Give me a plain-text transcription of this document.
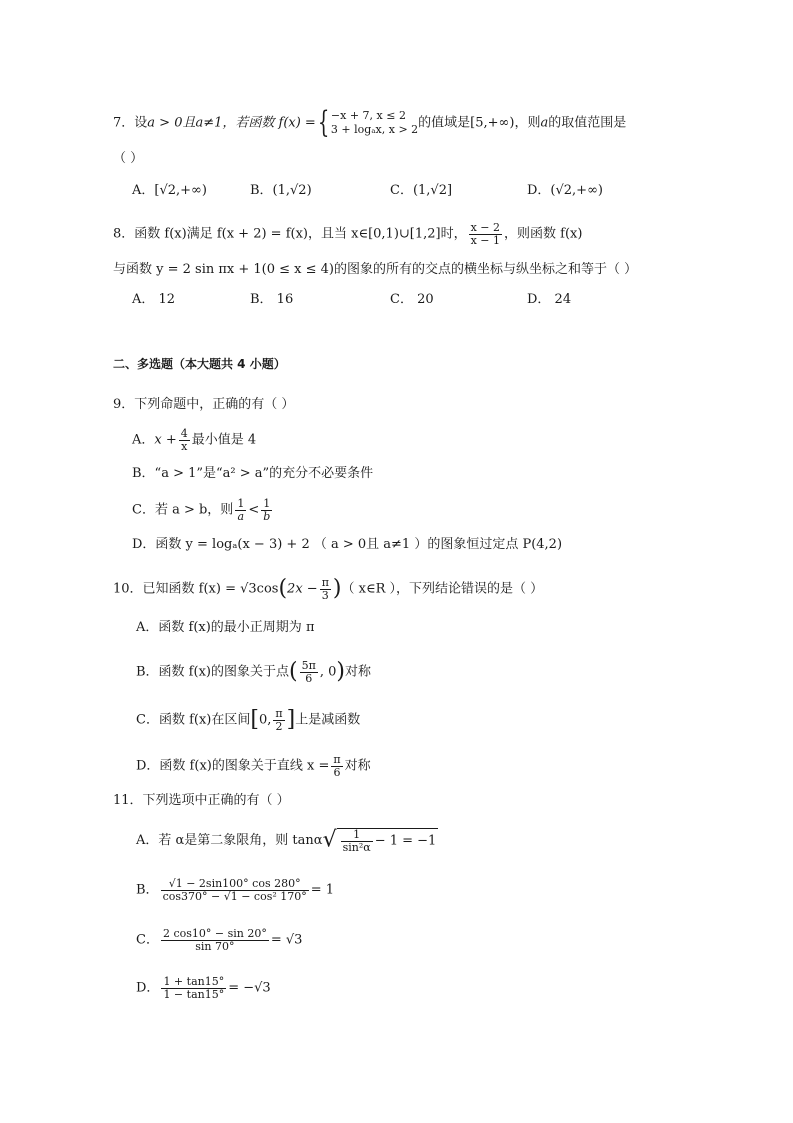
7．设a > 0且a≠1，若函数 f(x) ={ −x + 7, x ≤ 2
3 + logₐx, x > 2 的值域是[5,+∞)，则a的取值范围是
（ ）
A．[√2,+∞)	B．(1,√2)	C．(1,√2]	D．(√2,+∞)
8．函数 f(x)满足 f(x + 2) = f(x)，且当 x∈[0,1)∪[1,2]时， $\frac{x - 2}{x - 1}$ ，则函数 f(x)
与函数 y = 2 sin πx + 1(0 ≤ x ≤ 4)的图象的所有的交点的横坐标与纵坐标之和等于（ ）
A． 12	B． 16	C． 20	D． 24
二、多选题（本大题共 4 小题）
9．下列命题中，正确的有（ ）
A．$x + \frac{4}{x}$ 最小值是 4
B．“a > 1”是“a² > a”的充分不必要条件
C．若 a > b，则 $\frac{1}{a} < \frac{1}{b}$
D．函数 y = logₐ(x − 3) + 2 （ a > 0且 a≠1 ）的图象恒过定点 P(4,2)
10．已知函数 $f(x) = √3\cos(2x - \frac{\pi}{3}$ )（ x∈R ），下列结论错误的是（ ）
A．函数 f(x)的最小正周期为 π
B．函数 f(x)的图象关于点( $\frac{5\pi}{6}$ , 0)对称
C．函数 f(x)在区间[0, $\frac{\pi}{2}$ ]上是减函数
D．函数 f(x)的图象关于直线 $x = \frac{\pi}{6}$ 对称
11．下列选项中正确的有（ ）
A．若 α是第二象限角，则 $\tan\alpha√ \frac{1}{\text{sin²α}} - 1 = -1$
B． $\frac{√1 - 2\sin 100^\circ \cos 280^\circ}{\text{cos370° − √1 − cos² 170°}} = 1$
C． $\frac{2 \cos 10^\circ - \sin 20^\circ}{\sin 70^\circ} = √3$
D． $\frac{1 + \tan 15^\circ}{1 - \tan 15^\circ} = -√3$
